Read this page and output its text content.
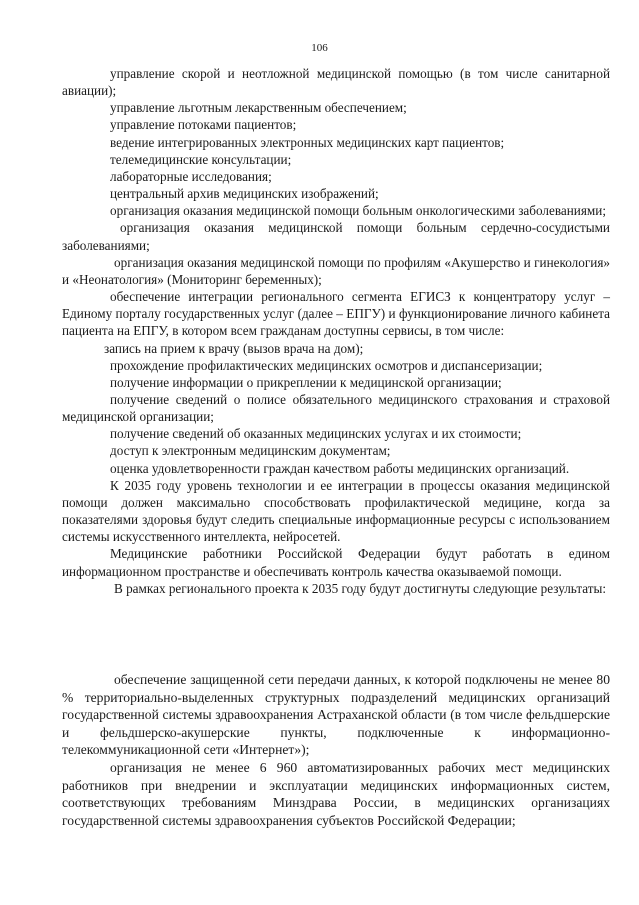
106

управление скорой и неотложной медицинской помощью (в том числе санитарной авиации);

управление льготным лекарственным обеспечением;

управление потоками пациентов;

ведение интегрированных электронных медицинских карт пациентов;

телемедицинские консультации;

лабораторные исследования;

центральный архив медицинских изображений;

организация оказания медицинской помощи больным онкологическими заболеваниями;

организация оказания медицинской помощи больным сердечно-сосудистыми заболеваниями;

организация оказания медицинской помощи по профилям «Акушерство и гинекология» и «Неонатология» (Мониторинг беременных);

обеспечение интеграции регионального сегмента ЕГИСЗ к концентратору услуг – Единому порталу государственных услуг (далее – ЕПГУ) и функционирование личного кабинета пациента на ЕПГУ, в котором всем гражданам доступны сервисы, в том числе:

запись на прием к врачу (вызов врача на дом);

прохождение профилактических медицинских осмотров и диспансеризации;

получение информации о прикреплении к медицинской организации;

получение сведений о полисе обязательного медицинского страхования и страховой медицинской организации;

получение сведений об оказанных медицинских услугах и их стоимости;

доступ к электронным медицинским документам;

оценка удовлетворенности граждан качеством работы медицинских организаций.

К 2035 году уровень технологии и ее интеграции в процессы оказания медицинской помощи должен максимально способствовать профилактической медицине, когда за показателями здоровья будут следить специальные информационные ресурсы с использованием системы искусственного интеллекта, нейросетей.

Медицинские работники Российской Федерации будут работать в едином информационном пространстве и обеспечивать контроль качества оказываемой помощи.

В рамках регионального проекта к 2035 году будут достигнуты следующие результаты:

обеспечение защищенной сети передачи данных, к которой подключены не менее 80 % территориально-выделенных структурных подразделений медицинских организаций государственной системы здравоохранения Астраханской области (в том числе фельдшерские и фельдшерско-акушерские пункты, подключенные к информационно-телекоммуникационной сети «Интернет»);

организация не менее 6 960 автоматизированных рабочих мест медицинских работников при внедрении и эксплуатации медицинских информационных систем, соответствующих требованиям Минздрава России, в медицинских организациях государственной системы здравоохранения субъектов Российской Федерации;
